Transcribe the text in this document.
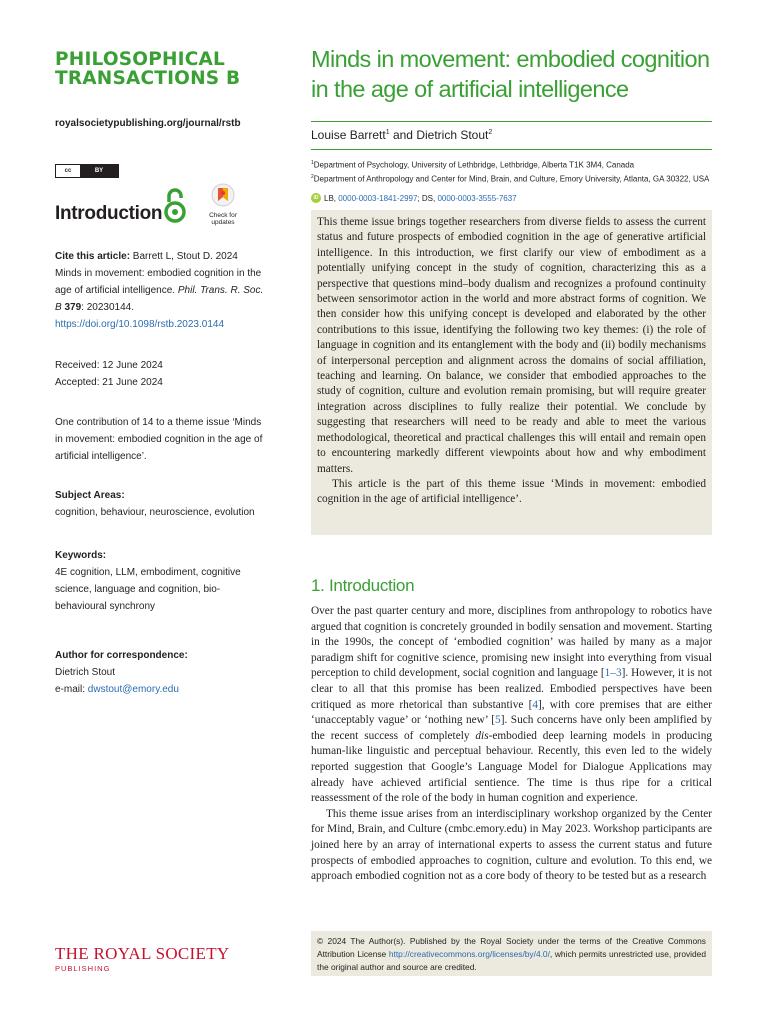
PHILOSOPHICAL
TRANSACTIONS B

royalsocietypublishing.org/journal/rstb

cc	BY
Introduction	Check for
updates

Cite this article: Barrett L, Stout D. 2024 Minds in movement: embodied cognition in the age of artificial intelligence. Phil. Trans. R. Soc. B 379: 20230144.
https://doi.org/10.1098/rstb.2023.0144

Received: 12 June 2024
Accepted: 21 June 2024

One contribution of 14 to a theme issue ‘Minds in movement: embodied cognition in the age of artificial intelligence’.

Subject Areas:
cognition, behaviour, neuroscience, evolution

Keywords:
4E cognition, LLM, embodiment, cognitive science, language and cognition, bio-behavioural synchrony

Author for correspondence:
Dietrich Stout
e-mail: dwstout@emory.edu

THE ROYAL SOCIETY

PUBLISHING

Minds in movement: embodied cognition in the age of artificial intelligence

Louise Barrett$^1$ and Dietrich Stout$^2$

$^1$Department of Psychology, University of Lethbridge, Lethbridge, Alberta T1K 3M4, Canada

$^2$Department of Anthropology and Center for Mind, Brain, and Culture, Emory University, Atlanta, GA 30322, USA

iD LB, 0000-0003-1841-2997; DS, 0000-0003-3555-7637

This theme issue brings together researchers from diverse fields to assess the current status and future prospects of embodied cognition in the age of generative artificial intelligence. In this introduction, we first clarify our view of embodiment as a potentially unifying concept in the study of cognition, characterizing this as a perspective that questions mind–body dualism and recognizes a profound continuity between sensorimotor action in the world and more abstract forms of cognition. We then consider how this unifying concept is developed and elaborated by the other contributions to this issue, identifying the following two key themes: (i) the role of language in cognition and its entanglement with the body and (ii) bodily mechanisms of interpersonal perception and alignment across the domains of social affiliation, teaching and learning. On balance, we consider that embodied approaches to the study of cognition, culture and evolution remain promising, but will require greater integration across disciplines to fully realize their potential. We conclude by suggesting that researchers will need to be ready and able to meet the various methodological, theoretical and practical challenges this will entail and remain open to encountering markedly different viewpoints about how and why embodiment matters.

This article is the part of this theme issue ‘Minds in movement: embodied cognition in the age of artificial intelligence’.

1. Introduction

Over the past quarter century and more, disciplines from anthropology to robotics have argued that cognition is concretely grounded in bodily sensation and movement. Starting in the 1990s, the concept of ‘embodied cognition’ was hailed by many as a major paradigm shift for cognitive science, promising new insight into everything from visual perception to child development, social cognition and language [1–3]. However, it is not clear to all that this promise has been realized. Embodied perspectives have been critiqued as more rhetorical than substantive [4], with core premises that are either ‘unacceptably vague’ or ‘nothing new’ [5]. Such concerns have only been amplified by the recent success of completely dis-embodied deep learning models in producing human-like linguistic and perceptual behaviour. Recently, this even led to the widely reported suggestion that Google’s Language Model for Dialogue Applications may already have achieved artificial sentience. The time is thus ripe for a critical reassessment of the role of the body in human cognition and experience.

This theme issue arises from an interdisciplinary workshop organized by the Center for Mind, Brain, and Culture (cmbc.emory.edu) in May 2023. Workshop participants are joined here by an array of international experts to assess the current status and future prospects of embodied approaches to cognition, culture and evolution. To this end, we approach embodied cognition not as a core body of theory to be tested but as a research

© 2024 The Author(s). Published by the Royal Society under the terms of the Creative Commons Attribution License http://creativecommons.org/licenses/by/4.0/, which permits unrestricted use, provided the original author and source are credited.
